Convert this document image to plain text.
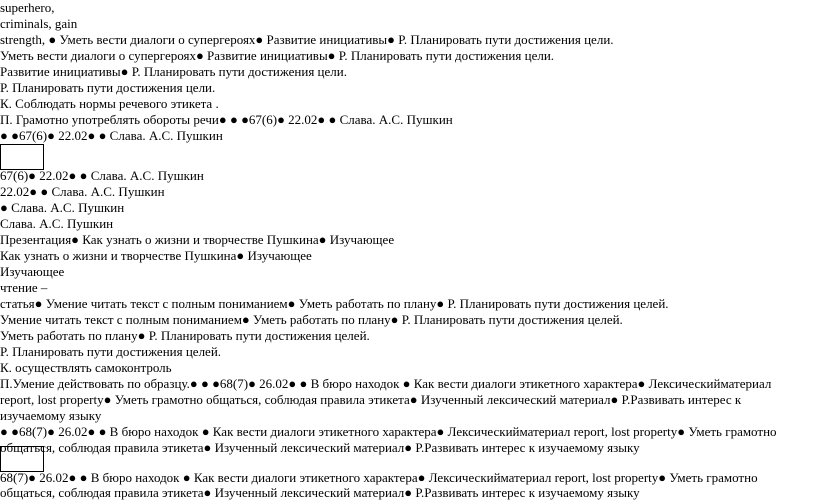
superhero,
criminals, gain
strength, ● Уметь вести диалоги о супергероях● Развитие инициативы● Р. Планировать пути достижения цели.
Уметь вести диалоги о супергероях● Развитие инициативы● Р. Планировать пути достижения цели.
Развитие инициативы● Р. Планировать пути достижения цели.
Р. Планировать пути достижения цели.
К. Соблюдать нормы речевого этикета .
П. Грамотно употреблять обороты речи● ● ●67(6)● 22.02● ● Слава. А.С. Пушкин
● ●67(6)● 22.02● ● Слава. А.С. Пушкин
67(6)● 22.02● ● Слава. А.С. Пушкин
22.02● ● Слава. А.С. Пушкин
● Слава. А.С. Пушкин
Слава. А.С. Пушкин
Презентация● Как узнать о жизни и творчестве Пушкина● Изучающее
Как узнать о жизни и творчестве Пушкина● Изучающее
Изучающее
чтение –
статья● Умение читать текст с полным пониманием● Уметь работать по плану● Р. Планировать пути достижения целей.
Умение читать текст с полным пониманием● Уметь работать по плану● Р. Планировать пути достижения целей.
Уметь работать по плану● Р. Планировать пути достижения целей.
Р. Планировать пути достижения целей.
К. осуществлять самоконтроль
П.Умение действовать по образцу.● ● ●68(7)● 26.02● ● В бюро находок ● Как вести диалоги этикетного характера● Лексическийматериал
report, lost property● Уметь грамотно общаться, соблюдая правила этикета● Изученный лексический материал● Р.Развивать интерес к
изучаемому языку
● ●68(7)● 26.02● ● В бюро находок ● Как вести диалоги этикетного характера● Лексическийматериал report, lost property● Уметь грамотно
общаться, соблюдая правила этикета● Изученный лексический материал● Р.Развивать интерес к изучаемому языку
68(7)● 26.02● ● В бюро находок ● Как вести диалоги этикетного характера● Лексическийматериал report, lost property● Уметь грамотно
общаться, соблюдая правила этикета● Изученный лексический материал● Р.Развивать интерес к изучаемому языку
